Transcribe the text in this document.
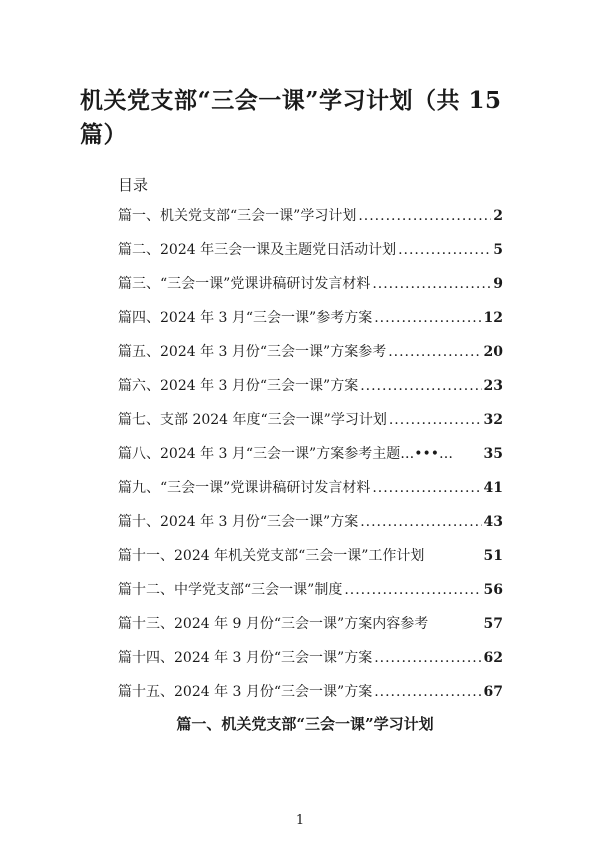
机关党支部“三会一课”学习计划（共 15 篇）
目录
篇一、机关党支部“三会一课”学习计划 .....	2
篇二、2024 年三会一课及主题党日活动计划 .....	5
篇三、“三会一课”党课讲稿研讨发言材料 .....	9
篇四、2024 年 3 月“三会一课”参考方案 .....	12
篇五、2024 年 3 月份“三会一课”方案参考 .....	20
篇六、2024 年 3 月份“三会一课”方案 .....	23
篇七、支部 2024 年度“三会一课”学习计划 .....	32
篇八、2024 年 3 月“三会一课”方案参考主题…•••… 35
篇九、“三会一课”党课讲稿研讨发言材料 .....	41
篇十、2024 年 3 月份“三会一课”方案 .....	43
篇十一、2024 年机关党支部“三会一课”工作计划	51
篇十二、中学党支部“三会一课”制度 .....	56
篇十三、2024 年 9 月份“三会一课”方案内容参考	57
篇十四、2024 年 3 月份“三会一课”方案 .....	62
篇十五、2024 年 3 月份“三会一课”方案 .....	67
篇一、机关党支部“三会一课”学习计划
1
